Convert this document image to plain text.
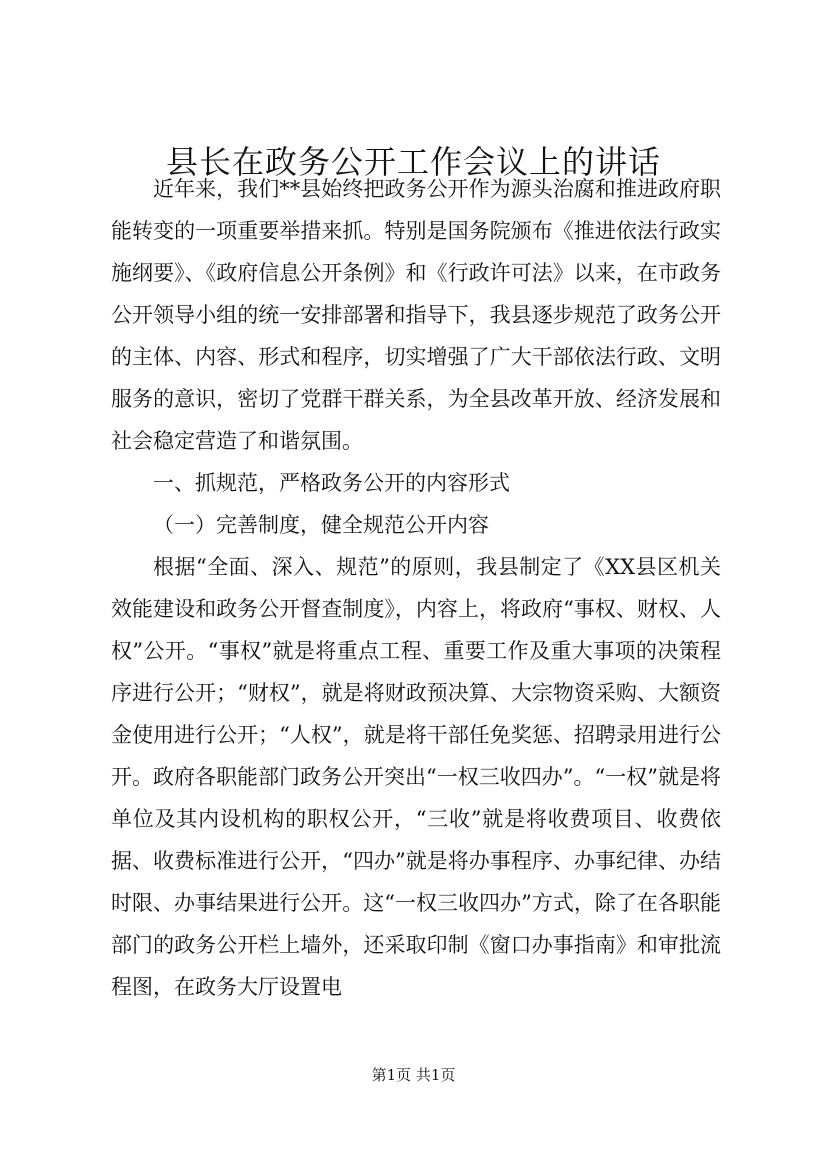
县长在政务公开工作会议上的讲话

近年来，我们**县始终把政务公开作为源头治腐和推进政府职能转变的一项重要举措来抓。特别是国务院颁布《推进依法行政实施纲要》、《政府信息公开条例》和《行政许可法》以来，在市政务公开领导小组的统一安排部署和指导下，我县逐步规范了政务公开的主体、内容、形式和程序，切实增强了广大干部依法行政、文明服务的意识，密切了党群干群关系，为全县改革开放、经济发展和社会稳定营造了和谐氛围。

一、抓规范，严格政务公开的内容形式

（一）完善制度，健全规范公开内容

根据“全面、深入、规范”的原则，我县制定了《XX县区机关效能建设和政务公开督查制度》，内容上，将政府“事权、财权、人权”公开。“事权”就是将重点工程、重要工作及重大事项的决策程序进行公开；“财权”，就是将财政预决算、大宗物资采购、大额资金使用进行公开；“人权”，就是将干部任免奖惩、招聘录用进行公开。政府各职能部门政务公开突出“一权三收四办”。“一权”就是将单位及其内设机构的职权公开，“三收”就是将收费项目、收费依据、收费标准进行公开，“四办”就是将办事程序、办事纪律、办结时限、办事结果进行公开。这“一权三收四办”方式，除了在各职能部门的政务公开栏上墙外，还采取印制《窗口办事指南》和审批流程图，在政务大厅设置电

第1页 共1页
